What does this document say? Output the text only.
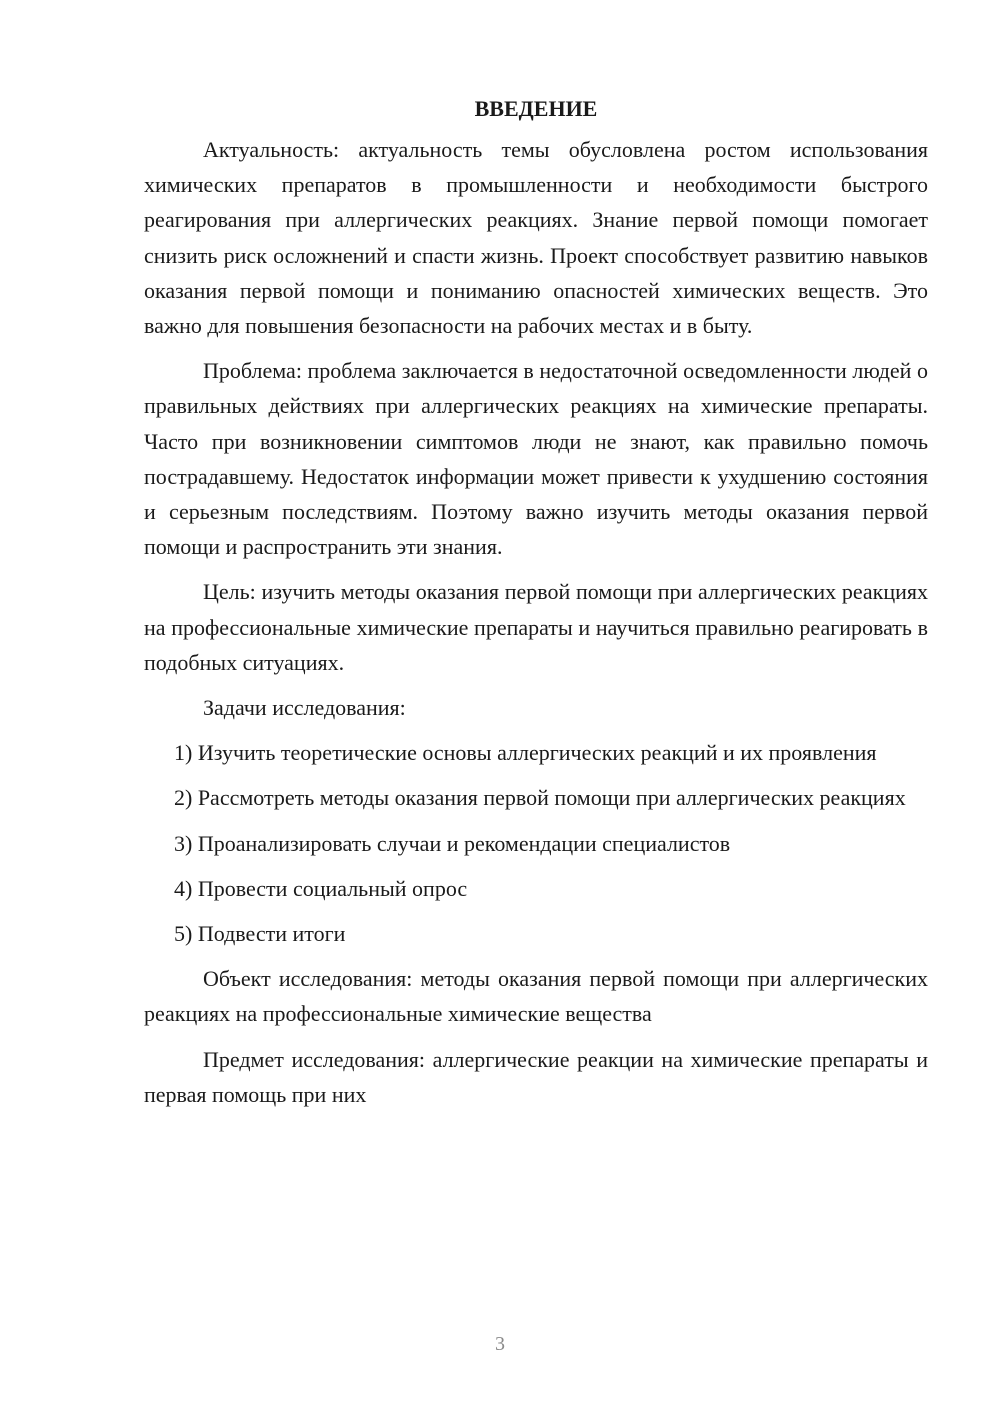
ВВЕДЕНИЕ

Актуальность: актуальность темы обусловлена ростом использования химических препаратов в промышленности и необходимости быстрого реагирования при аллергических реакциях. Знание первой помощи помогает снизить риск осложнений и спасти жизнь. Проект способствует развитию навыков оказания первой помощи и пониманию опасностей химических веществ. Это важно для повышения безопасности на рабочих местах и в быту.

Проблема: проблема заключается в недостаточной осведомленности людей о правильных действиях при аллергических реакциях на химические препараты. Часто при возникновении симптомов люди не знают, как правильно помочь пострадавшему. Недостаток информации может привести к ухудшению состояния и серьезным последствиям. Поэтому важно изучить методы оказания первой помощи и распространить эти знания.

Цель: изучить методы оказания первой помощи при аллергических реакциях на профессиональные химические препараты и научиться правильно реагировать в подобных ситуациях.

Задачи исследования:

1) Изучить теоретические основы аллергических реакций и их проявления

2) Рассмотреть методы оказания первой помощи при аллергических реакциях

3) Проанализировать случаи и рекомендации специалистов

4) Провести социальный опрос

5) Подвести итоги

Объект исследования: методы оказания первой помощи при аллергических реакциях на профессиональные химические вещества

Предмет исследования: аллергические реакции на химические препараты и первая помощь при них

3
